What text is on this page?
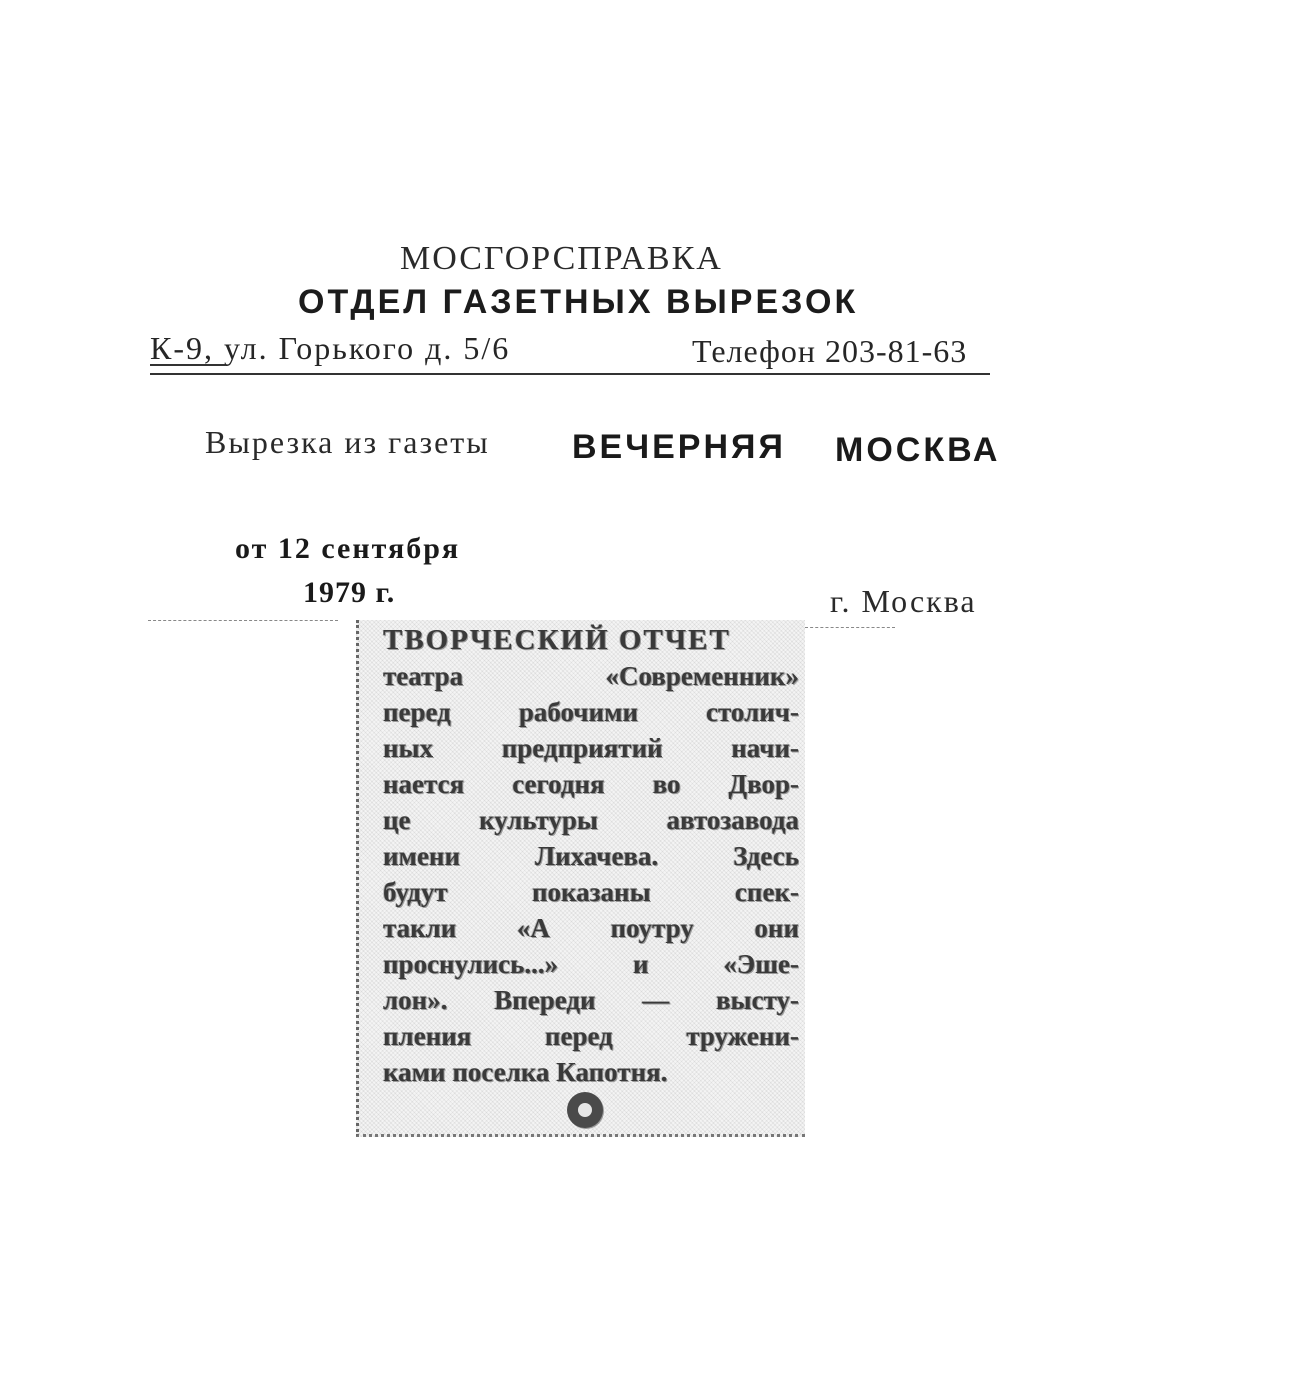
МОСГОРСПРАВКА
ОТДЕЛ ГАЗЕТНЫХ ВЫРЕЗОК
К-9, ул. Горького д. 5/6	Телефон 203-81-63
Вырезка из газеты ВЕЧЕРНЯЯ МОСКВА
от 12 сентября
1979 г.	г. Москва
ТВОРЧЕСКИЙ ОТЧЕТ
театра «Современник»
перед рабочими столич-
ных предприятий начи-
нается сегодня во Двор-
це культуры автозавода
имени Лихачева. Здесь
будут показаны спек-
такли «А поутру они
проснулись...» и «Эше-
лон». Впереди — высту-
пления перед тружени-
ками поселка Капотня.
